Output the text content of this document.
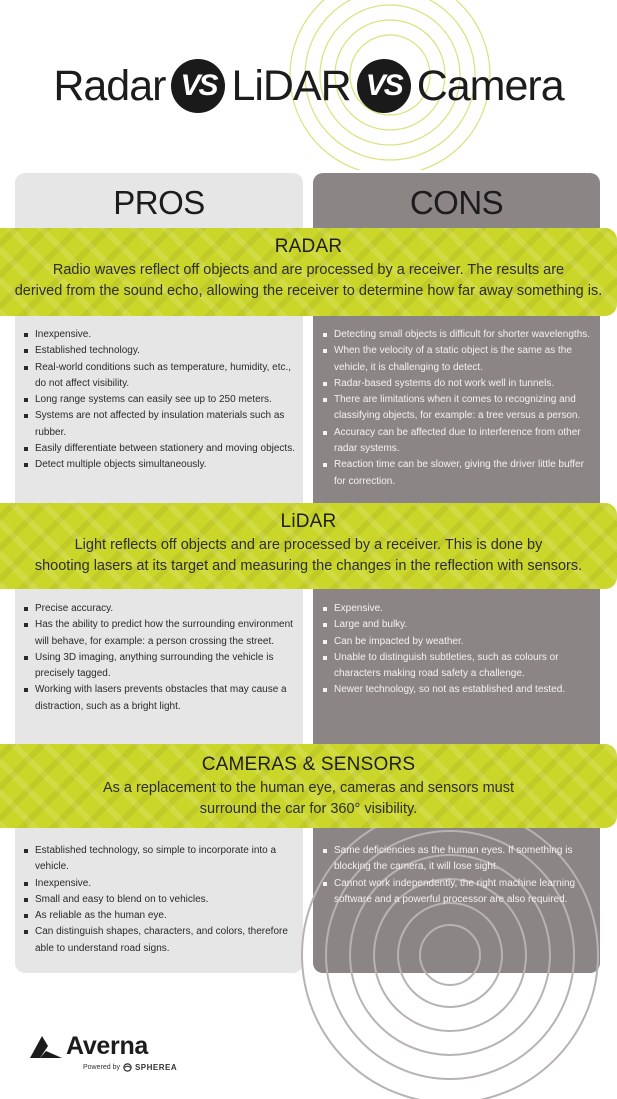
Radar VS LiDAR VS Camera
PROS	CONS
RADAR

Radio waves reflect off objects and are processed by a receiver. The results are
derived from the sound echo, allowing the receiver to determine how far away something is.

Inexpensive.
Established technology.
Real-world conditions such as temperature, humidity, etc., do not affect visibility.
Long range systems can easily see up to 250 meters.
Systems are not affected by insulation materials such as rubber.
Easily differentiate between stationery and moving objects.
Detect multiple objects simultaneously.
Detecting small objects is difficult for shorter wavelengths.
When the velocity of a static object is the same as the vehicle, it is challenging to detect.
Radar-based systems do not work well in tunnels.
There are limitations when it comes to recognizing and classifying objects, for example: a tree versus a person.
Accuracy can be affected due to interference from other radar systems.
Reaction time can be slower, giving the driver little buffer for correction.
LiDAR

Light reflects off objects and are processed by a receiver. This is done by
shooting lasers at its target and measuring the changes in the reflection with sensors.

Precise accuracy.
Has the ability to predict how the surrounding environment will behave, for example: a person crossing the street.
Using 3D imaging, anything surrounding the vehicle is precisely tagged.
Working with lasers prevents obstacles that may cause a distraction, such as a bright light.
Expensive.
Large and bulky.
Can be impacted by weather.
Unable to distinguish subtleties, such as colours or characters making road safety a challenge.
Newer technology, so not as established and tested.
CAMERAS & SENSORS

As a replacement to the human eye, cameras and sensors must
surround the car for 360° visibility.

Established technology, so simple to incorporate into a vehicle.
Inexpensive.
Small and easy to blend on to vehicles.
As reliable as the human eye.
Can distinguish shapes, characters, and colors, therefore able to understand road signs.
Same deficiencies as the human eyes. If something is blocking the camera, it will lose sight.
Cannot work independently, the right machine learning software and a powerful processor are also required.
Averna
Powered by SPHEREA
